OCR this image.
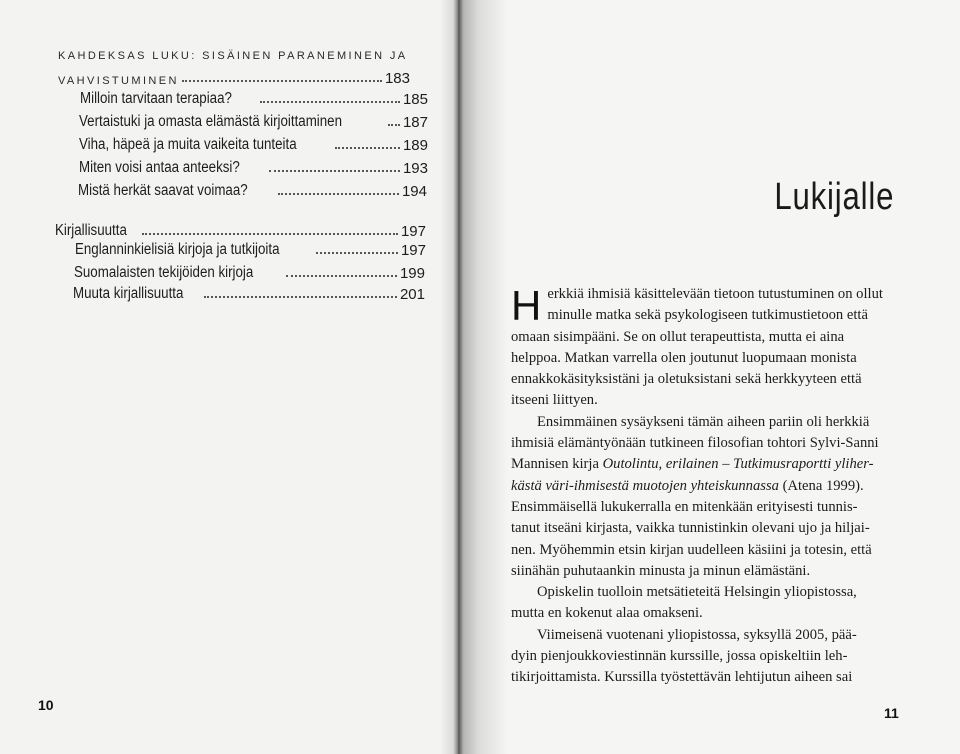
KAHDEKSAS LUKU: SISÄINEN PARANEMINEN JA
VAHVISTUMINEN	183
Milloin tarvitaan terapiaa?	185
Vertaistuki ja omasta elämästä kirjoittaminen	187
Viha, häpeä ja muita vaikeita tunteita	189
Miten voisi antaa anteeksi?	193
Mistä herkät saavat voimaa?	194
Kirjallisuutta	197
Englanninkielisiä kirjoja ja tutkijoita	197
Suomalaisten tekijöiden kirjoja	199
Muuta kirjallisuutta	201
10
Lukijalle

H erkkiä ihmisiä käsittelevään tietoon tutustuminen on ollut
minulle matka sekä psykologiseen tutkimustietoon että
omaan sisimpääni. Se on ollut terapeuttista, mutta ei aina
helppoa. Matkan varrella olen joutunut luopumaan monista
ennakkokäsityksistäni ja oletuksistani sekä herkkyyteen että
itseeni liittyen.

Ensimmäinen sysäykseni tämän aiheen pariin oli herkkiä
ihmisiä elämäntyönään tutkineen filosofian tohtori Sylvi-Sanni
Mannisen kirja Outolintu, erilainen – Tutkimusraportti yliher-
kästä väri-ihmisestä muotojen yhteiskunnassa (Atena 1999).
Ensimmäisellä lukukerralla en mitenkään erityisesti tunnis-
tanut itseäni kirjasta, vaikka tunnistinkin olevani ujo ja hiljai-
nen. Myöhemmin etsin kirjan uudelleen käsiini ja totesin, että
siinähän puhutaankin minusta ja minun elämästäni.

Opiskelin tuolloin metsätieteitä Helsingin yliopistossa,
mutta en kokenut alaa omakseni.

Viimeisenä vuotenani yliopistossa, syksyllä 2005, pää-
dyin pienjoukkoviestinnän kurssille, jossa opiskeltiin leh-
tikirjoittamista. Kurssilla työstettävän lehtijutun aiheen sai

11
